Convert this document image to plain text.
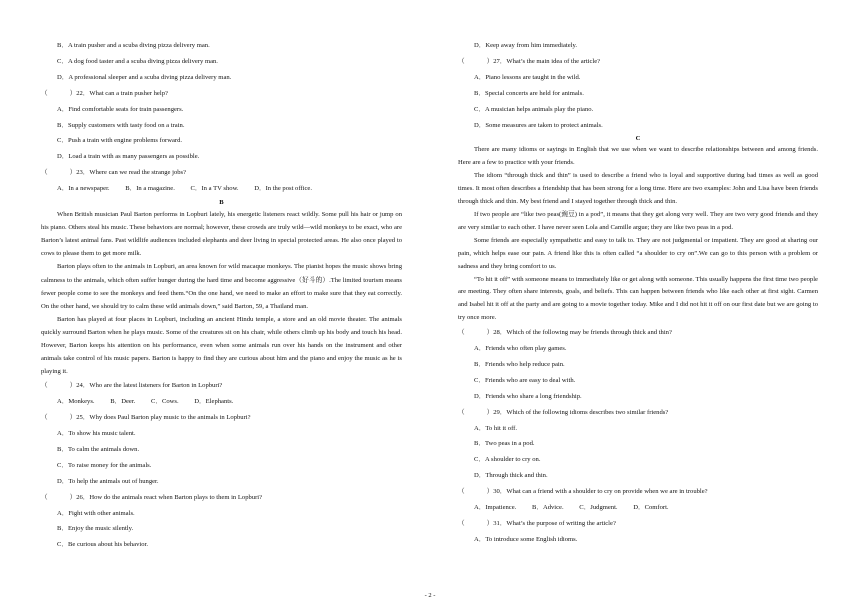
B．A train pusher and a scuba diving pizza delivery man.
C．A dog food taster and a scuba diving pizza delivery man.
D．A professional sleeper and a scuba diving pizza delivery man.
（	）22．What can a train pusher help?
A．Find comfortable seats for train passengers.
B．Supply customers with tasty food on a train.
C．Push a train with engine problems forward.
D．Load a train with as many passengers as possible.
（	）23．Where can we read the strange jobs?
A．In a newspaper. B．In a magazine. C．In a TV show. D．In the post office.
B
When British musician Paul Barton performs in Lopburi lately, his energetic listeners react wildly. Some pull his hair or jump on his piano. Others steal his music. These behaviors are normal; however, these crowds are truly wild—wild monkeys to be exact, who are Barton’s latest animal fans. Past wildlife audiences included elephants and deer living in special protected areas. He also once played to cows to please them to get more milk.
Barton plays often to the animals in Lopburi, an area known for wild macaque monkeys. The pianist hopes the music shows bring calmness to the animals, which often suffer hunger during the hard time and become aggressive（好斗的）.The limited tourism means fewer people come to see the monkeys and feed them.“On the one hand, we need to make an effort to make sure that they eat correctly. On the other hand, we should try to calm these wild animals down,” said Barton, 59, a Thailand man.
Barton has played at four places in Lopburi, including an ancient Hindu temple, a store and an old movie theater. The animals quickly surround Barton when he plays music. Some of the creatures sit on his chair, while others climb up his body and touch his head. However, Barton keeps his attention on his performance, even when some animals run over his hands on the instrument and other animals take control of his music papers. Barton is happy to find they are curious about him and the piano and enjoy the music as he is playing it.
（	）24．Who are the latest listeners for Barton in Lopburi?
A．Monkeys. B．Deer. C．Cows. D．Elephants.
（	）25．Why does Paul Barton play music to the animals in Lopburi?
A．To show his music talent.
B．To calm the animals down.
C．To raise money for the animals.
D．To help the animals out of hunger.
（	）26．How do the animals react when Barton plays to them in Lopburi?
A．Fight with other animals.
B．Enjoy the music silently.
C．Be curious about his behavior.
D．Keep away from him immediately.
（	）27．What’s the main idea of the article?
A．Piano lessons are taught in the wild.
B．Special concerts are held for animals.
C．A musician helps animals play the piano.
D．Some measures are taken to protect animals.
C
There are many idioms or sayings in English that we use when we want to describe relationships between and among friends. Here are a few to practice with your friends.
The idiom “through thick and thin” is used to describe a friend who is loyal and supportive during bad times as well as good times. It most often describes a friendship that has been strong for a long time. Here are two examples: John and Lisa have been friends through thick and thin. My best friend and I stayed together through thick and thin.
If two people are “like two peas(豌豆) in a pod”, it means that they get along very well. They are two very good friends and they are very similar to each other. I have never seen Lola and Camille argue; they are like two peas in a pod.
Some friends are especially sympathetic and easy to talk to. They are not judgmental or impatient. They are good at sharing our pain, which helps ease our pain. A friend like this is often called “a shoulder to cry on”.We can go to this person with a problem or sadness and they bring comfort to us.
“To hit it off” with someone means to immediately like or get along with someone. This usually happens the first time two people are meeting. They often share interests, goals, and beliefs. This can happen between friends who like each other at first sight. Carmen and Isabel hit it off at the party and are going to a movie together today. Mike and I did not hit it off on our first date but we are going to try once more.
（	）28．Which of the following may be friends through thick and thin?
A．Friends who often play games.
B．Friends who help reduce pain.
C．Friends who are easy to deal with.
D．Friends who share a long friendship.
（	）29．Which of the following idioms describes two similar friends?
A．To hit it off.
B．Two peas in a pod.
C．A shoulder to cry on.
D．Through thick and thin.
（	）30．What can a friend with a shoulder to cry on provide when we are in trouble?
A．Impatience. B．Advice. C．Judgment. D．Comfort.
（	）31．What’s the purpose of writing the article?
A．To introduce some English idioms.
- 2 -
